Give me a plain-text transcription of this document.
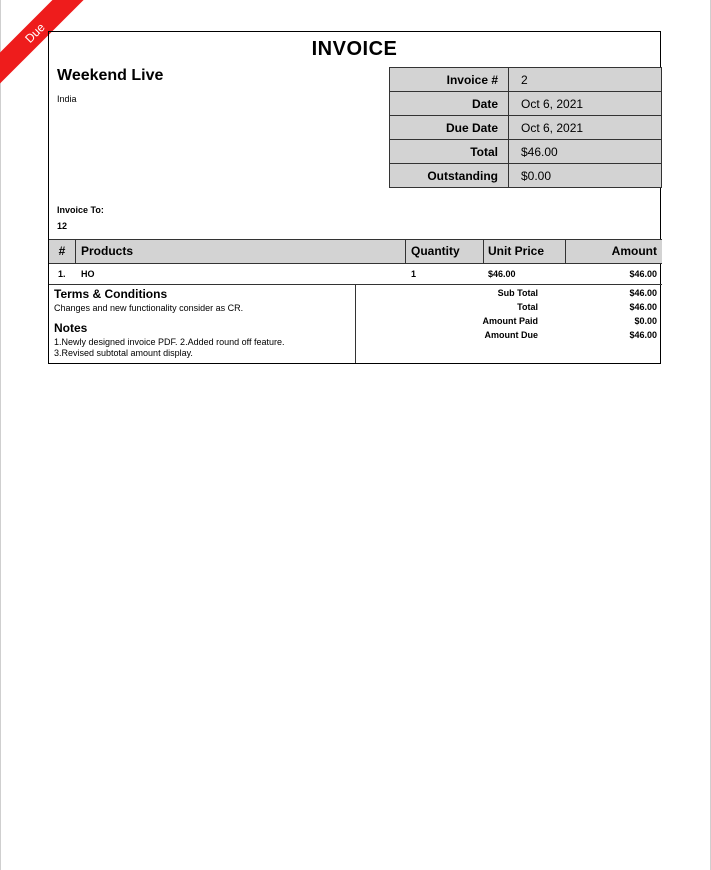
Due
INVOICE
Weekend Live
India
Invoice #	2
Date	Oct 6, 2021
Due Date	Oct 6, 2021
Total	$46.00
Outstanding	$0.00
Invoice To:
12
#	Products	Quantity	Unit Price	Amount
1. HO	1	$46.00	$46.00
Terms & Conditions
Changes and new functionality consider as CR.
Notes
1.Newly designed invoice PDF. 2.Added round off feature. 3.Revised subtotal amount display.
Sub Total	$46.00
Total	$46.00
Amount Paid	$0.00
Amount Due	$46.00
